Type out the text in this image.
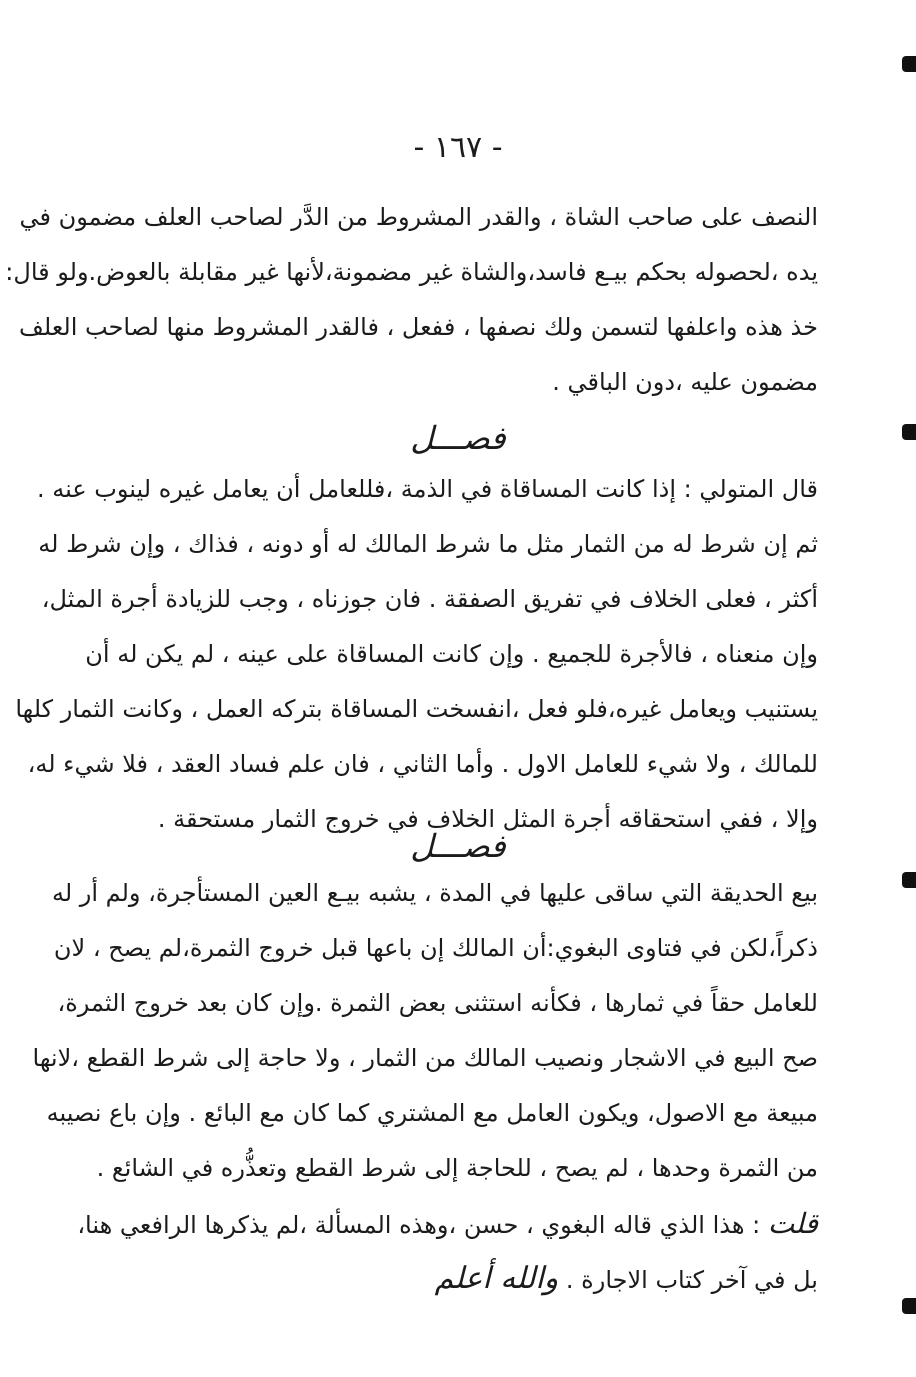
- ١٦٧ -
النصف على صاحب الشاة ، والقدر المشروط من الدَّر لصاحب العلف مضمون في
يده ،لحصوله بحكم بيـع فاسد،والشاة غير مضمونة،لأنها غير مقابلة بالعوض.ولو قال:
خذ هذه واعلفها لتسمن ولك نصفها ، ففعل ، فالقدر المشروط منها لصاحب العلف
مضمون عليه ،دون الباقي .
فصـــل
قال المتولي : إذا كانت المساقاة في الذمة ،فللعامل أن يعامل غيره لينوب عنه .
ثم إن شرط له من الثمار مثل ما شرط المالك له أو دونه ، فذاك ، وإن شرط له
أكثر ، فعلى الخلاف في تفريق الصفقة . فان جوزناه ، وجب للزيادة أجرة المثل،
وإن منعناه ، فالأجرة للجميع . وإن كانت المساقاة على عينه ، لم يكن له أن
يستنيب ويعامل غيره،فلو فعل ،انفسخت المساقاة بتركه العمل ، وكانت الثمار كلها
للمالك ، ولا شيء للعامل الاول . وأما الثاني ، فان علم فساد العقد ، فلا شيء له،
وإلا ، ففي استحقاقه أجرة المثل الخلاف في خروج الثمار مستحقة .
فصـــل
بيع الحديقة التي ساقى عليها في المدة ، يشبه بيـع العين المستأجرة، ولم أر له
ذكراً،لكن في فتاوى البغوي:أن المالك إن باعها قبل خروج الثمرة،لم يصح ، لان
للعامل حقاً في ثمارها ، فكأنه استثنى بعض الثمرة .وإن كان بعد خروج الثمرة،
صح البيع في الاشجار ونصيب المالك من الثمار ، ولا حاجة إلى شرط القطع ،لانها
مبيعة مع الاصول، ويكون العامل مع المشتري كما كان مع البائع . وإن باع نصيبه
من الثمرة وحدها ، لم يصح ، للحاجة إلى شرط القطع وتعذُّره في الشائع .
قلت : هذا الذي قاله البغوي ، حسن ،وهذه المسألة ،لم يذكرها الرافعي هنا،
بل في آخر كتاب الاجارة . والله أعلم
